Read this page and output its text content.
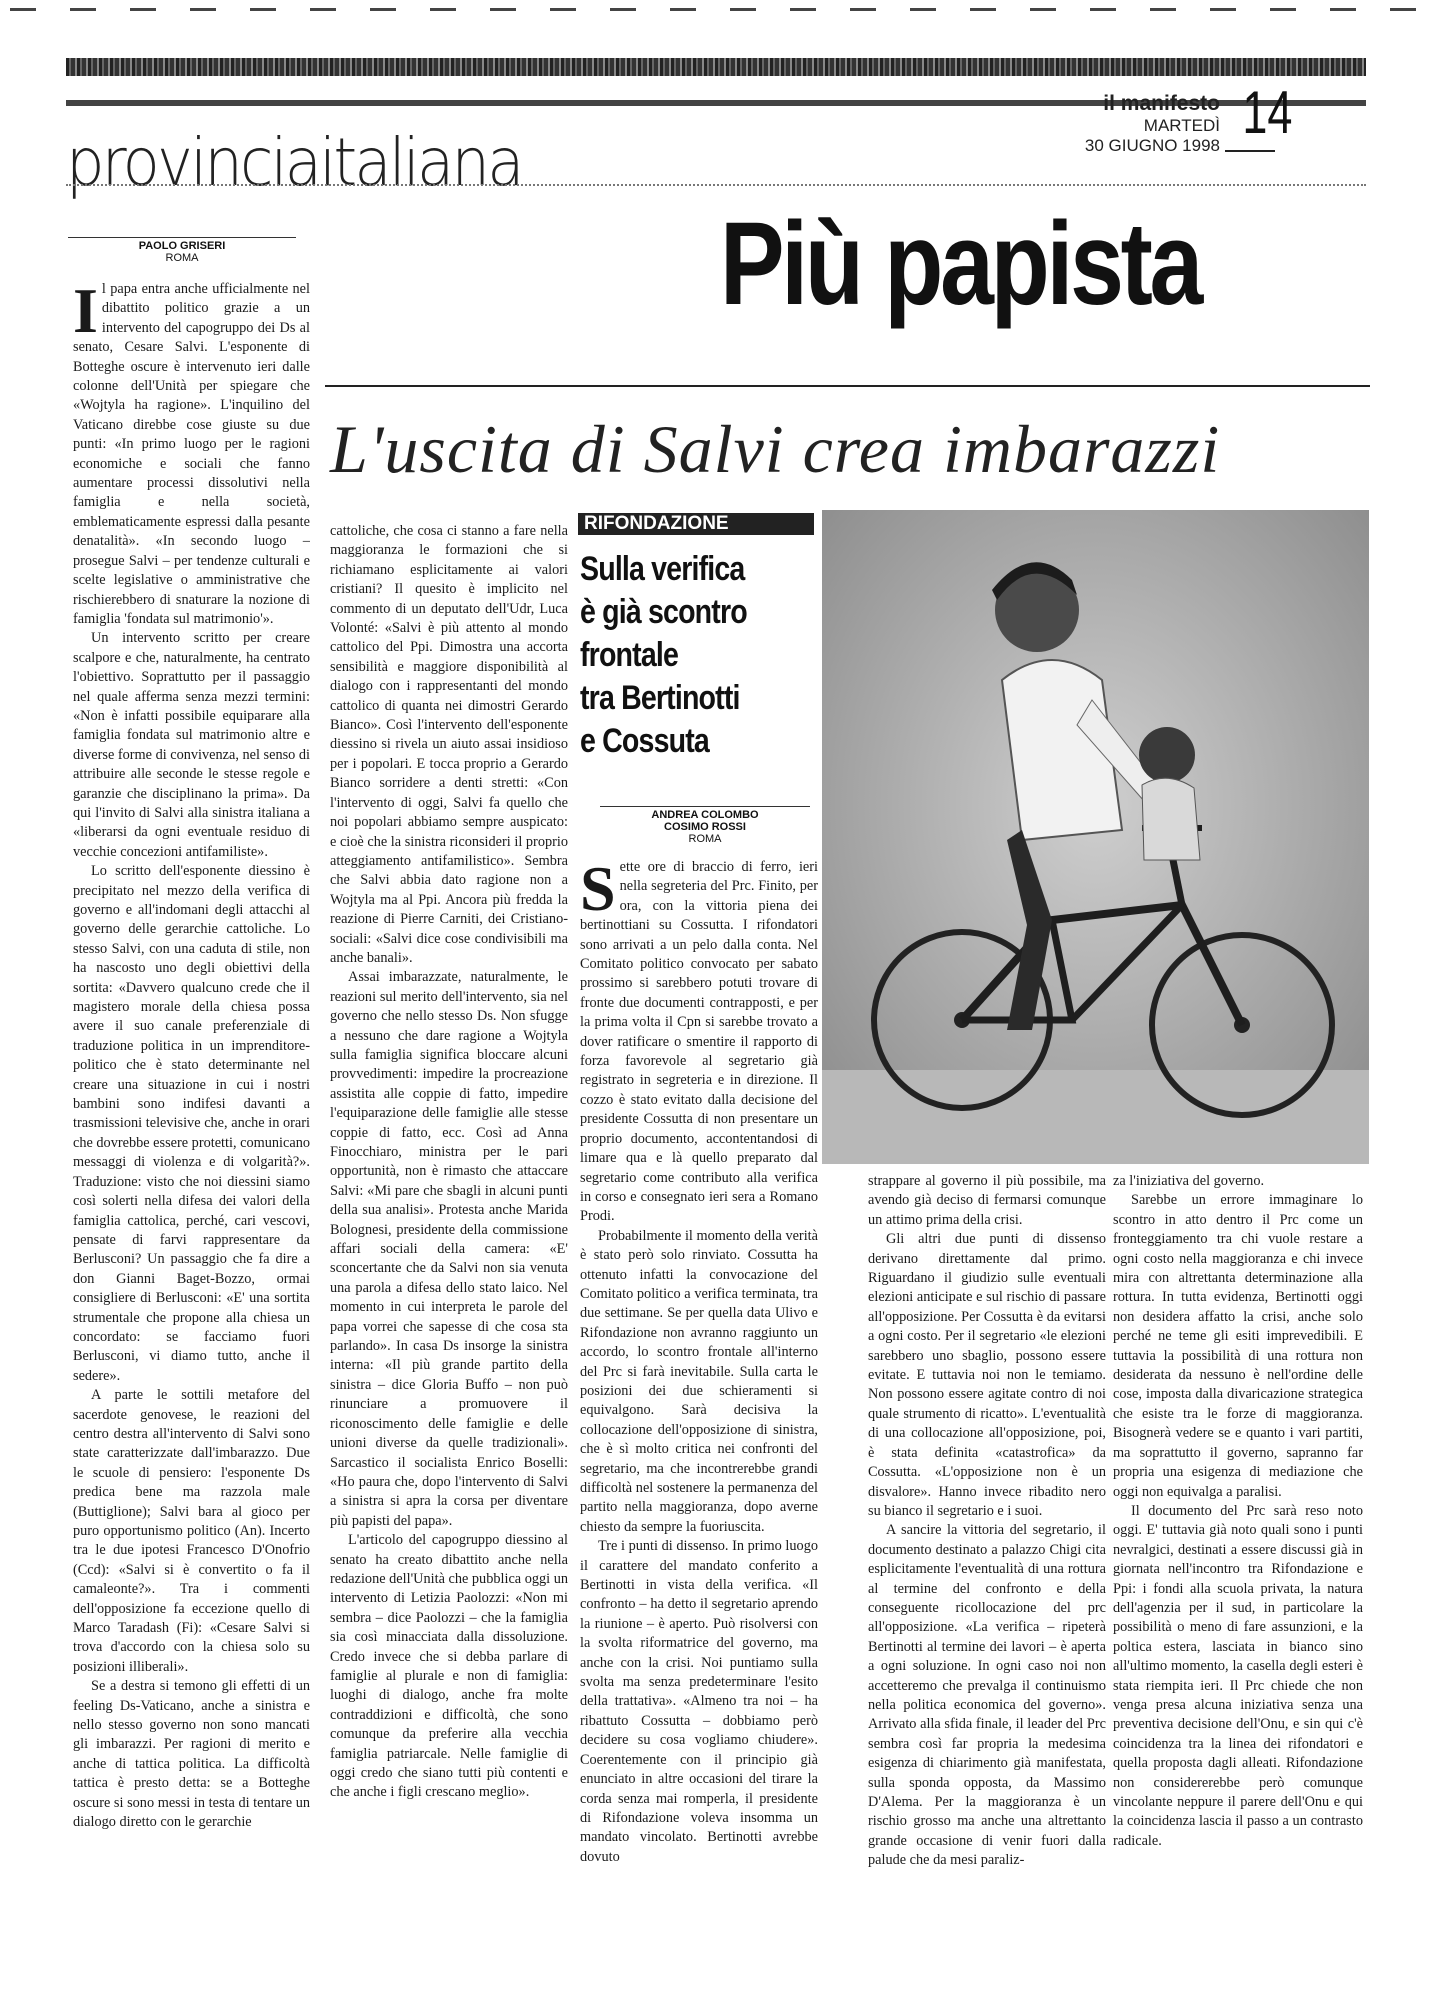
provinciaitaliana
il manifesto
MARTEDÌ
30 GIUGNO 1998 14
PAOLO GRISERI
ROMA	Più papista
L'uscita di Salvi crea imbarazzi

Il papa entra anche ufficialmente nel dibattito politico grazie a un intervento del capogruppo dei Ds al senato, Cesare Salvi. L'esponente di Botteghe oscure è intervenuto ieri dalle colonne dell'Unità per spiegare che «Wojtyla ha ragione». L'inquilino del Vaticano direbbe cose giuste su due punti: «In primo luogo per le ragioni economiche e sociali che fanno aumentare processi dissolutivi nella famiglia e nella società, emblematicamente espressi dalla pesante denatalità». «In secondo luogo – prosegue Salvi – per tendenze culturali e scelte legislative o amministrative che rischierebbero di snaturare la nozione di famiglia 'fondata sul matrimonio'».

Un intervento scritto per creare scalpore e che, naturalmente, ha centrato l'obiettivo. Soprattutto per il passaggio nel quale afferma senza mezzi termini: «Non è infatti possibile equiparare alla famiglia fondata sul matrimonio altre e diverse forme di convivenza, nel senso di attribuire alle seconde le stesse regole e garanzie che disciplinano la prima». Da qui l'invito di Salvi alla sinistra italiana a «liberarsi da ogni eventuale residuo di vecchie concezioni antifamiliste».

Lo scritto dell'esponente diessino è precipitato nel mezzo della verifica di governo e all'indomani degli attacchi al governo delle gerarchie cattoliche. Lo stesso Salvi, con una caduta di stile, non ha nascosto uno degli obiettivi della sortita: «Davvero qualcuno crede che il magistero morale della chiesa possa avere il suo canale preferenziale di traduzione politica in un imprenditore-politico che è stato determinante nel creare una situazione in cui i nostri bambini sono indifesi davanti a trasmissioni televisive che, anche in orari che dovrebbe essere protetti, comunicano messaggi di violenza e di volgarità?». Traduzione: visto che noi diessini siamo così solerti nella difesa dei valori della famiglia cattolica, perché, cari vescovi, pensate di farvi rappresentare da Berlusconi? Un passaggio che fa dire a don Gianni Baget-Bozzo, ormai consigliere di Berlusconi: «E' una sortita strumentale che propone alla chiesa un concordato: se facciamo fuori Berlusconi, vi diamo tutto, anche il sedere».

A parte le sottili metafore del sacerdote genovese, le reazioni del centro destra all'intervento di Salvi sono state caratterizzate dall'imbarazzo. Due le scuole di pensiero: l'esponente Ds predica bene ma razzola male (Buttiglione); Salvi bara al gioco per puro opportunismo politico (An). Incerto tra le due ipotesi Francesco D'Onofrio (Ccd): «Salvi si è convertito o fa il camaleonte?». Tra i commenti dell'opposizione fa eccezione quello di Marco Taradash (Fi): «Cesare Salvi si trova d'accordo con la chiesa solo su posizioni illiberali».

Se a destra si temono gli effetti di un feeling Ds-Vaticano, anche a sinistra e nello stesso governo non sono mancati gli imbarazzi. Per ragioni di merito e anche di tattica politica. La difficoltà tattica è presto detta: se a Botteghe oscure si sono messi in testa di tentare un dialogo diretto con le gerarchie

cattoliche, che cosa ci stanno a fare nella maggioranza le formazioni che si richiamano esplicitamente ai valori cristiani? Il quesito è implicito nel commento di un deputato dell'Udr, Luca Volonté: «Salvi è più attento al mondo cattolico del Ppi. Dimostra una accorta sensibilità e maggiore disponibilità al dialogo con i rappresentanti del mondo cattolico di quanta nei dimostri Gerardo Bianco». Così l'intervento dell'esponente diessino si rivela un aiuto assai insidioso per i popolari. E tocca proprio a Gerardo Bianco sorridere a denti stretti: «Con l'intervento di oggi, Salvi fa quello che noi popolari abbiamo sempre auspicato: e cioè che la sinistra riconsideri il proprio atteggiamento antifamilistico». Sembra che Salvi abbia dato ragione non a Wojtyla ma al Ppi. Ancora più fredda la reazione di Pierre Carniti, dei Cristiano-sociali: «Salvi dice cose condivisibili ma anche banali».

Assai imbarazzate, naturalmente, le reazioni sul merito dell'intervento, sia nel governo che nello stesso Ds. Non sfugge a nessuno che dare ragione a Wojtyla sulla famiglia significa bloccare alcuni provvedimenti: impedire la procreazione assistita alle coppie di fatto, impedire l'equiparazione delle famiglie alle stesse coppie di fatto, ecc. Così ad Anna Finocchiaro, ministra per le pari opportunità, non è rimasto che attaccare Salvi: «Mi pare che sbagli in alcuni punti della sua analisi». Protesta anche Marida Bolognesi, presidente della commissione affari sociali della camera: «E' sconcertante che da Salvi non sia venuta una parola a difesa dello stato laico. Nel momento in cui interpreta le parole del papa vorrei che sapesse di che cosa sta parlando». In casa Ds insorge la sinistra interna: «Il più grande partito della sinistra – dice Gloria Buffo – non può rinunciare a promuovere il riconoscimento delle famiglie e delle unioni diverse da quelle tradizionali». Sarcastico il socialista Enrico Boselli: «Ho paura che, dopo l'intervento di Salvi a sinistra si apra la corsa per diventare più papisti del papa».

L'articolo del capogruppo diessino al senato ha creato dibattito anche nella redazione dell'Unità che pubblica oggi un intervento di Letizia Paolozzi: «Non mi sembra – dice Paolozzi – che la famiglia sia così minacciata dalla dissoluzione. Credo invece che si debba parlare di famiglie al plurale e non di famiglia: luoghi di dialogo, anche fra molte contraddizioni e difficoltà, che sono comunque da preferire alla vecchia famiglia patriarcale. Nelle famiglie di oggi credo che siano tutti più contenti e che anche i figli crescano meglio».

RIFONDAZIONE
Sulla verifica
è già scontro
frontale
tra Bertinotti
e Cossuta
ANDREA COLOMBO
COSIMO ROSSI
ROMA

Sette ore di braccio di ferro, ieri nella segreteria del Prc. Finito, per ora, con la vittoria piena dei bertinottiani su Cossutta. I rifondatori sono arrivati a un pelo dalla conta. Nel Comitato politico convocato per sabato prossimo si sarebbero potuti trovare di fronte due documenti contrapposti, e per la prima volta il Cpn si sarebbe trovato a dover ratificare o smentire il rapporto di forza favorevole al segretario già registrato in segreteria e in direzione. Il cozzo è stato evitato dalla decisione del presidente Cossutta di non presentare un proprio documento, accontentandosi di limare qua e là quello preparato dal segretario come contributo alla verifica in corso e consegnato ieri sera a Romano Prodi.

Probabilmente il momento della verità è stato però solo rinviato. Cossutta ha ottenuto infatti la convocazione del Comitato politico a verifica terminata, tra due settimane. Se per quella data Ulivo e Rifondazione non avranno raggiunto un accordo, lo scontro frontale all'interno del Prc si farà inevitabile. Sulla carta le posizioni dei due schieramenti si equivalgono. Sarà decisiva la collocazione dell'opposizione di sinistra, che è sì molto critica nei confronti del segretario, ma che incontrerebbe grandi difficoltà nel sostenere la permanenza del partito nella maggioranza, dopo averne chiesto da sempre la fuoriuscita.

Tre i punti di dissenso. In primo luogo il carattere del mandato conferito a Bertinotti in vista della verifica. «Il confronto – ha detto il segretario aprendo la riunione – è aperto. Può risolversi con la svolta riformatrice del governo, ma anche con la crisi. Noi puntiamo sulla svolta ma senza predeterminare l'esito della trattativa». «Almeno tra noi – ha ribattuto Cossutta – dobbiamo però decidere su cosa vogliamo chiudere». Coerentemente con il principio già enunciato in altre occasioni del tirare la corda senza mai romperla, il presidente di Rifondazione voleva insomma un mandato vincolato. Bertinotti avrebbe dovuto

strappare al governo il più possibile, ma avendo già deciso di fermarsi comunque un attimo prima della crisi.

Gli altri due punti di dissenso derivano direttamente dal primo. Riguardano il giudizio sulle eventuali elezioni anticipate e sul rischio di passare all'opposizione. Per Cossutta è da evitarsi a ogni costo. Per il segretario «le elezioni sarebbero uno sbaglio, possono essere evitate. E tuttavia noi non le temiamo. Non possono essere agitate contro di noi quale strumento di ricatto». L'eventualità di una collocazione all'opposizione, poi, è stata definita «catastrofica» da Cossutta. «L'opposizione non è un disvalore». Hanno invece ribadito nero su bianco il segretario e i suoi.

A sancire la vittoria del segretario, il documento destinato a palazzo Chigi cita esplicitamente l'eventualità di una rottura al termine del confronto e della conseguente ricollocazione del prc all'opposizione. «La verifica – ripeterà Bertinotti al termine dei lavori – è aperta a ogni soluzione. In ogni caso noi non accetteremo che prevalga il continuismo nella politica economica del governo». Arrivato alla sfida finale, il leader del Prc sembra così far propria la medesima esigenza di chiarimento già manifestata, sulla sponda opposta, da Massimo D'Alema. Per la maggioranza è un rischio grosso ma anche una altrettanto grande occasione di venir fuori dalla palude che da mesi paraliz-

za l'iniziativa del governo.

Sarebbe un errore immaginare lo scontro in atto dentro il Prc come un fronteggiamento tra chi vuole restare a ogni costo nella maggioranza e chi invece mira con altrettanta determinazione alla rottura. In tutta evidenza, Bertinotti oggi non desidera affatto la crisi, anche solo perché ne teme gli esiti imprevedibili. E tuttavia la possibilità di una rottura non desiderata da nessuno è nell'ordine delle cose, imposta dalla divaricazione strategica che esiste tra le forze di maggioranza. Bisognerà vedere se e quanto i vari partiti, ma soprattutto il governo, sapranno far propria una esigenza di mediazione che oggi non equivalga a paralisi.

Il documento del Prc sarà reso noto oggi. E' tuttavia già noto quali sono i punti nevralgici, destinati a essere discussi già in giornata nell'incontro tra Rifondazione e Ppi: i fondi alla scuola privata, la natura dell'agenzia per il sud, in particolare la possibilità o meno di fare assunzioni, e la poltica estera, lasciata in bianco sino all'ultimo momento, la casella degli esteri è stata riempita ieri. Il Prc chiede che non venga presa alcuna iniziativa senza una preventiva decisione dell'Onu, e sin qui c'è coincidenza tra la linea dei rifondatori e quella proposta dagli alleati. Rifondazione non considererebbe però comunque vincolante neppure il parere dell'Onu e qui la coincidenza lascia il passo a un contrasto radicale.
